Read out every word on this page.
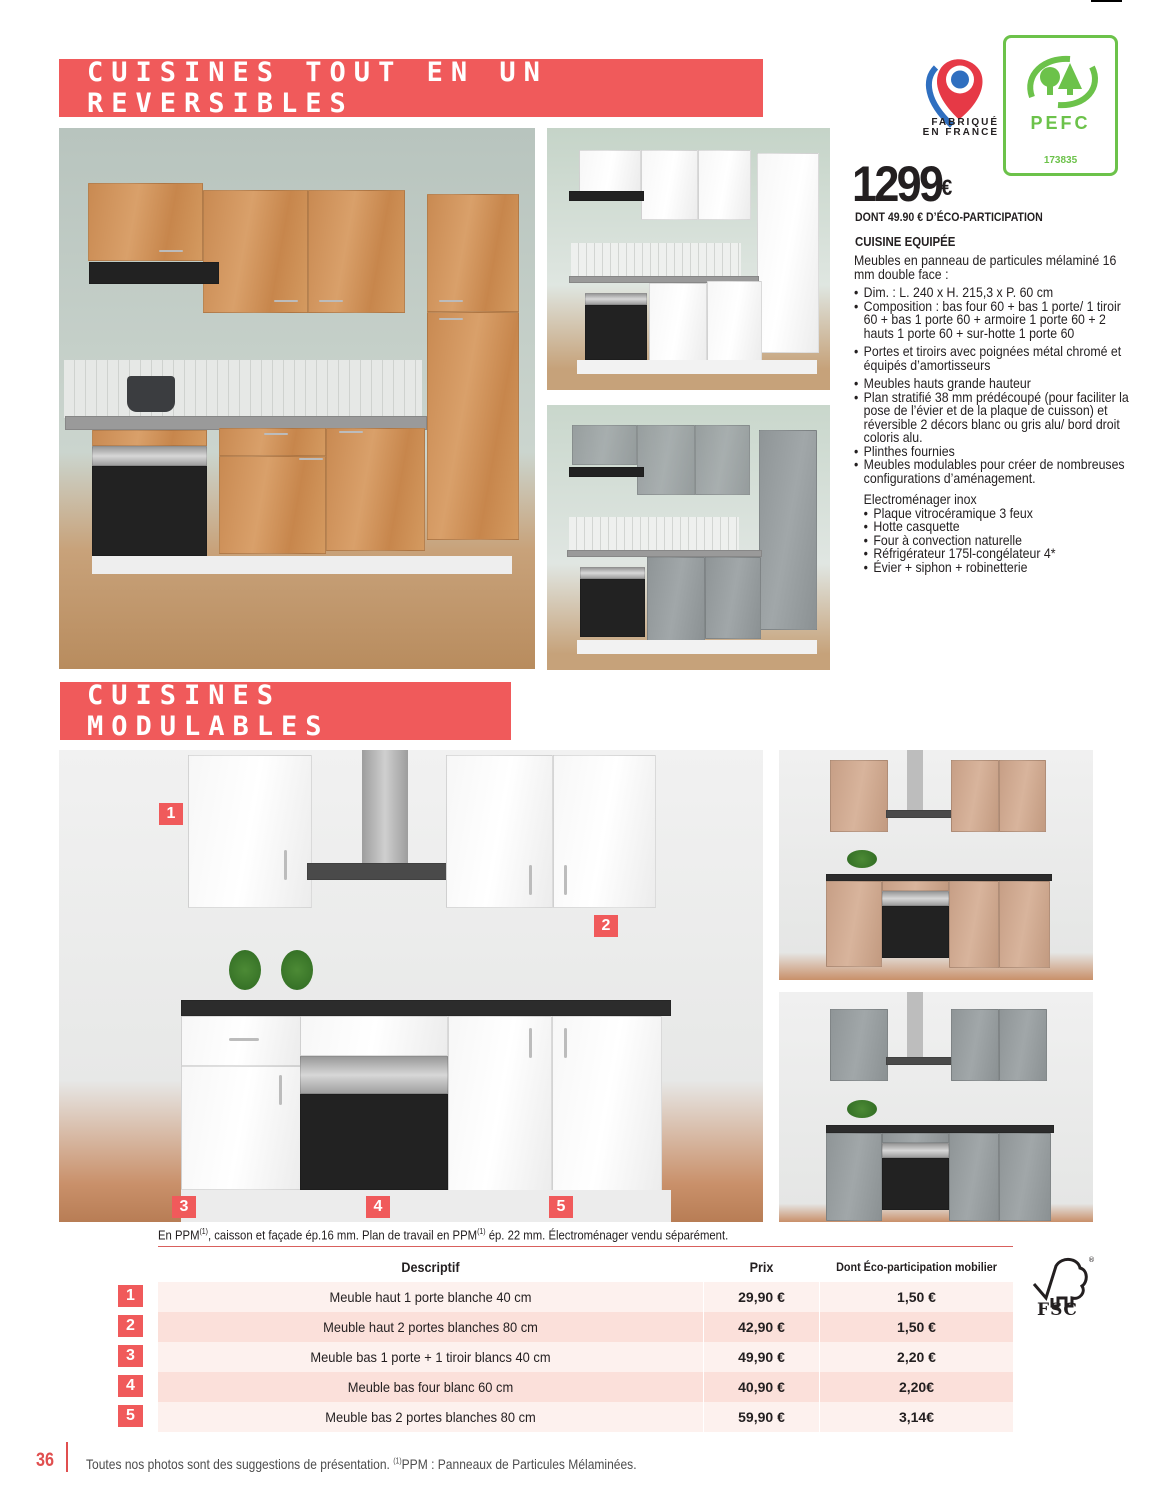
CUISINES TOUT EN UN REVERSIBLES
FABRIQUÉ
EN FRANCE	PEFC
173835
1299€
DONT 49.90 € D’ÉCO-PARTICIPATION
CUISINE EQUIPÉE

Meubles en panneau de particules mélaminé 16 mm double face :

• Dim. : L. 240 x H. 215,3 x P. 60 cm
• Composition : bas four 60 + bas 1 porte/ 1 tiroir 60 + bas 1 porte 60 + armoire 1 porte 60 + 2 hauts 1 porte 60 + sur-hotte 1 porte 60
• Portes et tiroirs avec poignées métal chromé et équipés d’amortisseurs
• Meubles hauts grande hauteur
• Plan stratifié 38 mm prédécoupé (pour faciliter la pose de l’évier et de la plaque de cuisson) et réversible 2 décors blanc ou gris alu/ bord droit coloris alu.
• Plinthes fournies
• Meubles modulables pour créer de nombreuses configurations d’aménagement.
Electroménager inox
• Plaque vitrocéramique 3 feux
• Hotte casquette
• Four à convection naturelle
• Réfrigérateur 175l-congélateur 4*
• Évier + siphon + robinetterie
CUISINES MODULABLES
1
2
3	4	5
En PPM$^{(1)}$, caisson et façade ép.16 mm. Plan de travail en PPM$^{(1)}$ ép. 22 mm. Électroménager vendu séparément.
Descriptif	Prix	Dont Éco-participation mobilier
Meuble haut 1 porte blanche 40 cm	29,90 €	1,50 €
Meuble haut 2 portes blanches 80 cm	42,90 €	1,50 €
Meuble bas 1 porte + 1 tiroir blancs 40 cm	49,90 €	2,20 €
Meuble bas four blanc 60 cm	40,90 €	2,20€
Meuble bas 2 portes blanches 80 cm	59,90 €	3,14€
1
2
3
4
5
®
FSC
36 Toutes nos photos sont des suggestions de présentation. $^{(1)}$PPM : Panneaux de Particules Mélaminées.
